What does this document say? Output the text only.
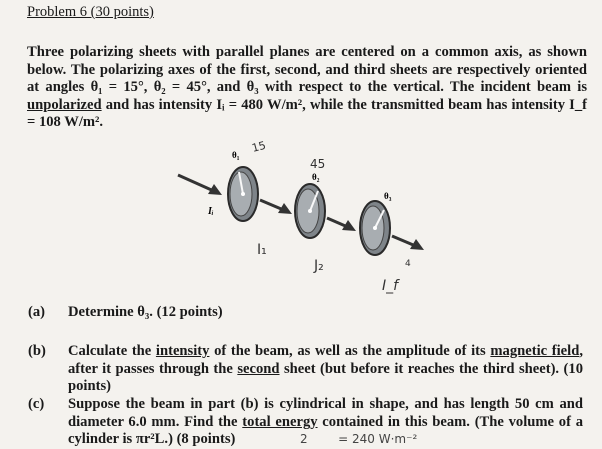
Problem 6 (30 points)
Three polarizing sheets with parallel planes are centered on a common axis, as shown below. The polarizing axes of the first, second, and third sheets are respectively oriented at angles θ₁ = 15°, θ₂ = 45°, and θ₃ with respect to the vertical. The incident beam is unpolarized and has intensity Iᵢ = 480 W/m², while the transmitted beam has intensity I_f = 108 W/m².
θ₁
θ₂
θ₃
Iᵢ
15
45
I₁
J₂
I_f
4
(a) Determine θ₃. (12 points)
(b) Calculate the intensity of the beam, as well as the amplitude of its magnetic field, after it passes through the second sheet (but before it reaches the third sheet). (10 points)
(c) Suppose the beam in part (b) is cylindrical in shape, and has length 50 cm and diameter 6.0 mm. Find the total energy contained in this beam. (The volume of a cylinder is πr²L.) (8 points)	2        = 240 W·m⁻²
